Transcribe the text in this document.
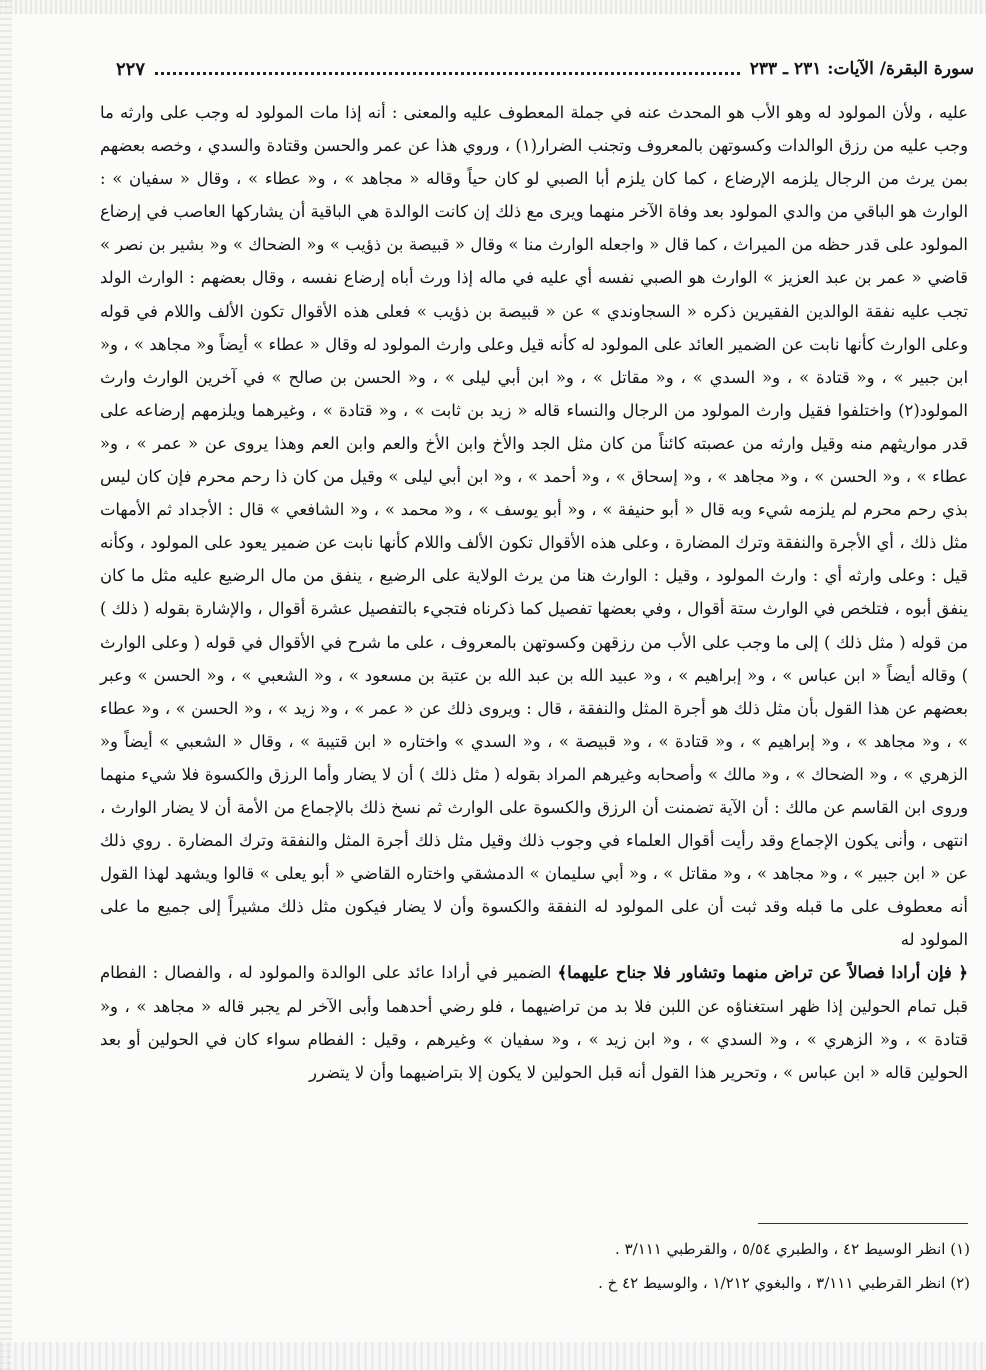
سورة البقرة/ الآيات: ٢٣١ ـ ٢٣٣
٢٢٧

عليه ، ولأن المولود له وهو الأب هو المحدث عنه في جملة المعطوف عليه والمعنى : أنه إذا مات المولود له وجب على وارثه ما وجب عليه من رزق الوالدات وكسوتهن بالمعروف وتجنب الضرار(١) ، وروي هذا عن عمر والحسن وقتادة والسدي ، وخصه بعضهم بمن يرث من الرجال يلزمه الإرضاع ، كما كان يلزم أبا الصبي لو كان حياً وقاله « مجاهد » ، و« عطاء » ، وقال « سفيان » : الوارث هو الباقي من والدي المولود بعد وفاة الآخر منهما ويرى مع ذلك إن كانت الوالدة هي الباقية أن يشاركها العاصب في إرضاع المولود على قدر حظه من الميراث ، كما قال « واجعله الوارث منا » وقال « قبيصة بن ذؤيب » و« الضحاك » و« بشير بن نصر » قاضي « عمر بن عبد العزيز » الوارث هو الصبي نفسه أي عليه في ماله إذا ورث أباه إرضاع نفسه ، وقال بعضهم : الوارث الولد تجب عليه نفقة الوالدين الفقيرين ذكره « السجاوندي » عن « قبيصة بن ذؤيب » فعلى هذه الأقوال تكون الألف واللام في قوله وعلى الوارث كأنها نابت عن الضمير العائد على المولود له كأنه قيل وعلى وارث المولود له وقال « عطاء » أيضاً و« مجاهد » ، و« ابن جبير » ، و« قتادة » ، و« السدي » ، و« مقاتل » ، و« ابن أبي ليلى » ، و« الحسن بن صالح » في آخرين الوارث وارث المولود(٢) واختلفوا فقيل وارث المولود من الرجال والنساء قاله « زيد بن ثابت » ، و« قتادة » ، وغيرهما ويلزمهم إرضاعه على قدر مواريثهم منه وقيل وارثه من عصبته كائناً من كان مثل الجد والأخ وابن الأخ والعم وابن العم وهذا يروى عن « عمر » ، و« عطاء » ، و« الحسن » ، و« مجاهد » ، و« إسحاق » ، و« أحمد » ، و« ابن أبي ليلى » وقيل من كان ذا رحم محرم فإن كان ليس بذي رحم محرم لم يلزمه شيء وبه قال « أبو حنيفة » ، و« أبو يوسف » ، و« محمد » ، و« الشافعي » قال : الأجداد ثم الأمهات مثل ذلك ، أي الأجرة والنفقة وترك المضارة ، وعلى هذه الأقوال تكون الألف واللام كأنها نابت عن ضمير يعود على المولود ، وكأنه قيل : وعلى وارثه أي : وارث المولود ، وقيل : الوارث هنا من يرث الولاية على الرضيع ، ينفق من مال الرضيع عليه مثل ما كان ينفق أبوه ، فتلخص في الوارث ستة أقوال ، وفي بعضها تفصيل كما ذكرناه فتجيء بالتفصيل عشرة أقوال ، والإشارة بقوله ( ذلك ) من قوله ( مثل ذلك ) إلى ما وجب على الأب من رزقهن وكسوتهن بالمعروف ، على ما شرح في الأقوال في قوله ( وعلى الوارث ) وقاله أيضاً « ابن عباس » ، و« إبراهيم » ، و« عبيد الله بن عبد الله بن عتبة بن مسعود » ، و« الشعبي » ، و« الحسن » وعبر بعضهم عن هذا القول بأن مثل ذلك هو أجرة المثل والنفقة ، قال : ويروى ذلك عن « عمر » ، و« زيد » ، و« الحسن » ، و« عطاء » ، و« مجاهد » ، و« إبراهيم » ، و« قتادة » ، و« قبيصة » ، و« السدي » واختاره « ابن قتيبة » ، وقال « الشعبي » أيضاً و« الزهري » ، و« الضحاك » ، و« مالك » وأصحابه وغيرهم المراد بقوله ( مثل ذلك ) أن لا يضار وأما الرزق والكسوة فلا شيء منهما وروى ابن القاسم عن مالك : أن الآية تضمنت أن الرزق والكسوة على الوارث ثم نسخ ذلك بالإجماع من الأمة أن لا يضار الوارث ، انتهى ، وأنى يكون الإجماع وقد رأيت أقوال العلماء في وجوب ذلك وقيل مثل ذلك أجرة المثل والنفقة وترك المضارة . روي ذلك عن « ابن جبير » ، و« مجاهد » ، و« مقاتل » ، و« أبي سليمان » الدمشقي واختاره القاضي « أبو يعلى » قالوا ويشهد لهذا القول أنه معطوف على ما قبله وقد ثبت أن على المولود له النفقة والكسوة وأن لا يضار فيكون مثل ذلك مشيراً إلى جميع ما على المولود له

﴿ فإن أرادا فصالاً عن تراض منهما وتشاور فلا جناح عليهما﴾ الضمير في أرادا عائد على الوالدة والمولود له ، والفصال : الفطام قبل تمام الحولين إذا ظهر استغناؤه عن اللبن فلا بد من تراضيهما ، فلو رضي أحدهما وأبى الآخر لم يجبر قاله « مجاهد » ، و« قتادة » ، و« الزهري » ، و« السدي » ، و« ابن زيد » ، و« سفيان » وغيرهم ، وقيل : الفطام سواء كان في الحولين أو بعد الحولين قاله « ابن عباس » ، وتحرير هذا القول أنه قبل الحولين لا يكون إلا بتراضيهما وأن لا يتضرر

(١) انظر الوسيط ٤٢ ، والطبري ٥/٥٤ ، والقرطبي ٣/١١١ .

(٢) انظر القرطبي ٣/١١١ ، والبغوي ١/٢١٢ ، والوسيط ٤٢ خ .
